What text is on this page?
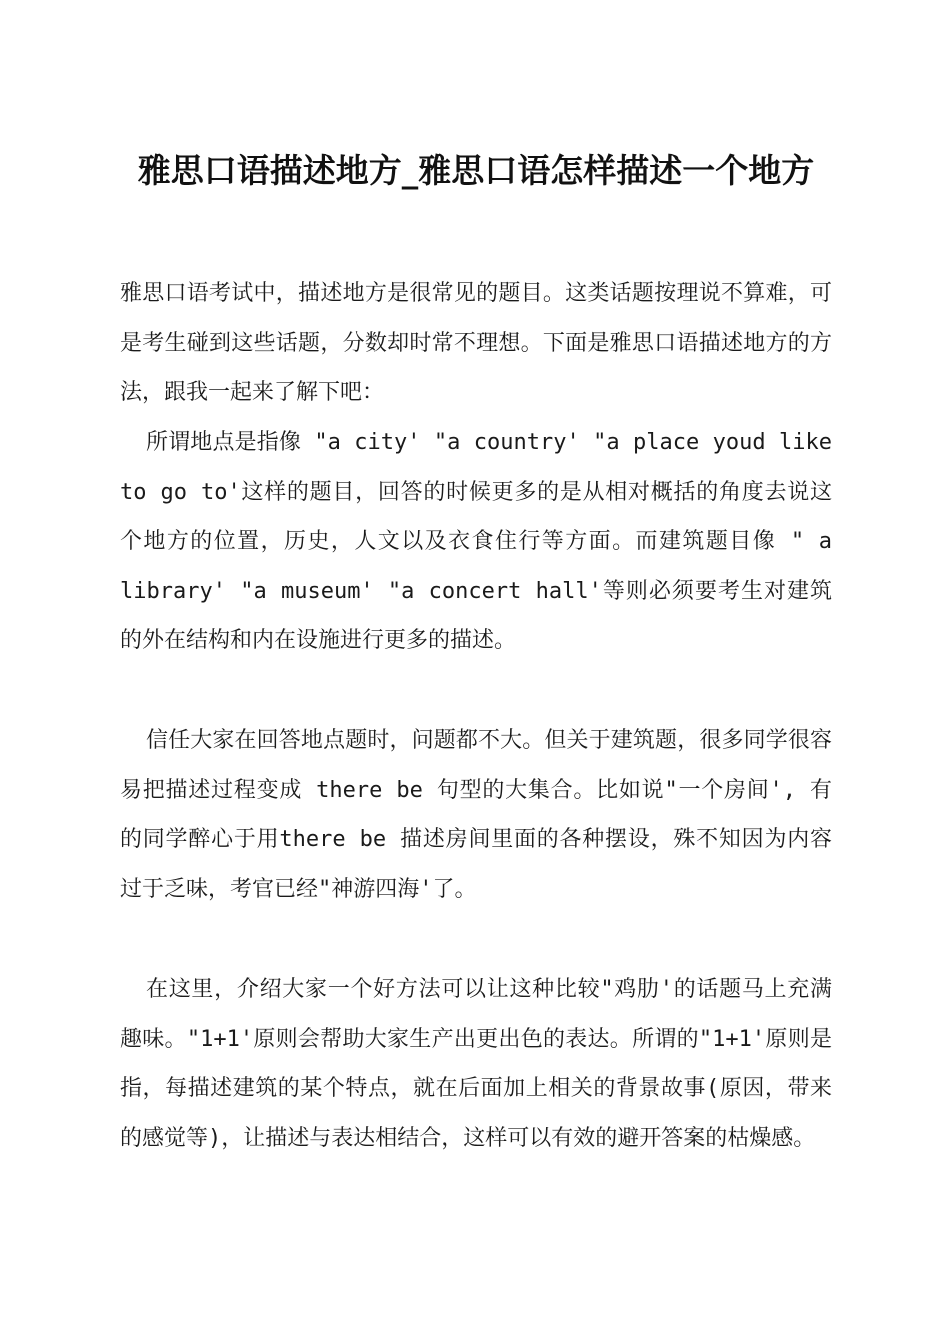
雅思口语描述地方_雅思口语怎样描述一个地方

雅思口语考试中，描述地方是很常见的题目。这类话题按理说不算难，可是考生碰到这些话题，分数却时常不理想。下面是雅思口语描述地方的方法，跟我一起来了解下吧：

所谓地点是指像 "a city' "a country' "a place youd like to go to'这样的题目，回答的时候更多的是从相对概括的角度去说这个地方的位置，历史，人文以及衣食住行等方面。而建筑题目像 " a library' "a museum' "a concert hall'等则必须要考生对建筑的外在结构和内在设施进行更多的描述。

信任大家在回答地点题时，问题都不大。但关于建筑题，很多同学很容易把描述过程变成 there be 句型的大集合。比如说"一个房间', 有的同学醉心于用there be 描述房间里面的各种摆设，殊不知因为内容过于乏味，考官已经"神游四海'了。

在这里，介绍大家一个好方法可以让这种比较"鸡肋'的话题马上充满趣味。"1+1'原则会帮助大家生产出更出色的表达。所谓的"1+1'原则是指，每描述建筑的某个特点，就在后面加上相关的背景故事(原因，带来的感觉等)，让描述与表达相结合，这样可以有效的避开答案的枯燥感。
